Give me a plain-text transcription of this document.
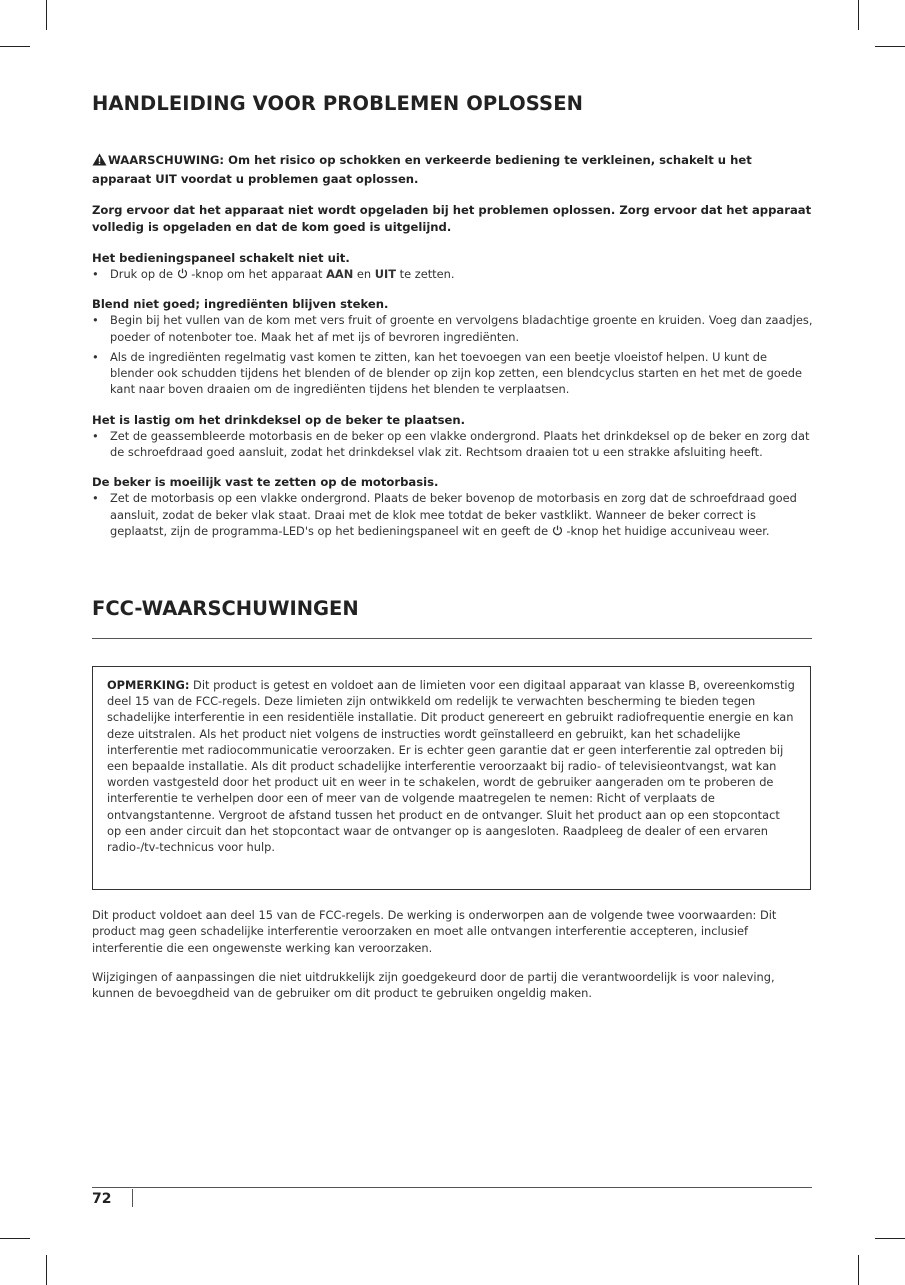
HANDLEIDING VOOR PROBLEMEN OPLOSSEN

WAARSCHUWING: Om het risico op schokken en verkeerde bediening te verkleinen, schakelt u het apparaat UIT voordat u problemen gaat oplossen.

Zorg ervoor dat het apparaat niet wordt opgeladen bij het problemen oplossen. Zorg ervoor dat het apparaat volledig is opgeladen en dat de kom goed is uitgelijnd.

Het bedieningspaneel schakelt niet uit.

• Druk op de  -knop om het apparaat AAN en UIT te zetten.

Blend niet goed; ingrediënten blijven steken.

• Begin bij het vullen van de kom met vers fruit of groente en vervolgens bladachtige groente en kruiden. Voeg dan zaadjes, poeder of notenboter toe. Maak het af met ijs of bevroren ingrediënten.
• Als de ingrediënten regelmatig vast komen te zitten, kan het toevoegen van een beetje vloeistof helpen. U kunt de blender ook schudden tijdens het blenden of de blender op zijn kop zetten, een blendcyclus starten en het met de goede kant naar boven draaien om de ingrediënten tijdens het blenden te verplaatsen.

Het is lastig om het drinkdeksel op de beker te plaatsen.

• Zet de geassembleerde motorbasis en de beker op een vlakke ondergrond. Plaats het drinkdeksel op de beker en zorg dat de schroefdraad goed aansluit, zodat het drinkdeksel vlak zit. Rechtsom draaien tot u een strakke afsluiting heeft.

De beker is moeilijk vast te zetten op de motorbasis.

• Zet de motorbasis op een vlakke ondergrond. Plaats de beker bovenop de motorbasis en zorg dat de schroefdraad goed aansluit, zodat de beker vlak staat. Draai met de klok mee totdat de beker vastklikt. Wanneer de beker correct is geplaatst, zijn de programma-LED's op het bedieningspaneel wit en geeft de  -knop het huidige accuniveau weer.
FCC-WAARSCHUWINGEN
OPMERKING: Dit product is getest en voldoet aan de limieten voor een digitaal apparaat van klasse B, overeenkomstig deel 15 van de FCC-regels. Deze limieten zijn ontwikkeld om redelijk te verwachten bescherming te bieden tegen schadelijke interferentie in een residentiële installatie. Dit product genereert en gebruikt radiofrequentie energie en kan deze uitstralen. Als het product niet volgens de instructies wordt geïnstalleerd en gebruikt, kan het schadelijke interferentie met radiocommunicatie veroorzaken. Er is echter geen garantie dat er geen interferentie zal optreden bij een bepaalde installatie. Als dit product schadelijke interferentie veroorzaakt bij radio- of televisieontvangst, wat kan worden vastgesteld door het product uit en weer in te schakelen, wordt de gebruiker aangeraden om te proberen de interferentie te verhelpen door een of meer van de volgende maatregelen te nemen: Richt of verplaats de ontvangstantenne. Vergroot de afstand tussen het product en de ontvanger. Sluit het product aan op een stopcontact op een ander circuit dan het stopcontact waar de ontvanger op is aangesloten. Raadpleeg de dealer of een ervaren radio-/tv-technicus voor hulp.

Dit product voldoet aan deel 15 van de FCC-regels. De werking is onderworpen aan de volgende twee voorwaarden: Dit product mag geen schadelijke interferentie veroorzaken en moet alle ontvangen interferentie accepteren, inclusief interferentie die een ongewenste werking kan veroorzaken.

Wijzigingen of aanpassingen die niet uitdrukkelijk zijn goedgekeurd door de partij die verantwoordelijk is voor naleving, kunnen de bevoegdheid van de gebruiker om dit product te gebruiken ongeldig maken.

72
